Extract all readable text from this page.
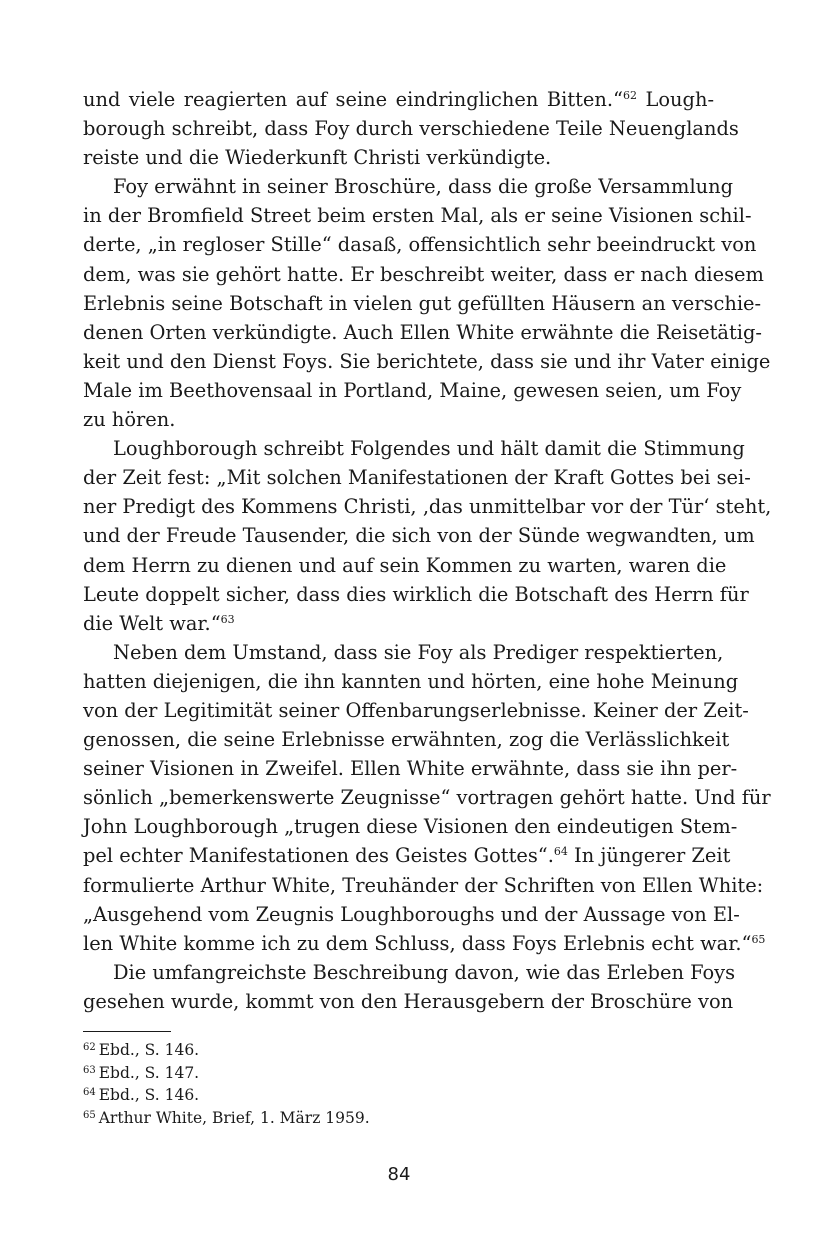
und viele reagierten auf seine eindringlichen Bitten.“$^{62}$ Lough-
borough schreibt, dass Foy durch verschiedene Teile Neuenglands
reiste und die Wiederkunft Christi verkündigte.
Foy erwähnt in seiner Broschüre, dass die große Versammlung
in der Bromfield Street beim ersten Mal, als er seine Visionen schil-
derte, „in regloser Stille“ dasaß, offensichtlich sehr beeindruckt von
dem, was sie gehört hatte. Er beschreibt weiter, dass er nach diesem
Erlebnis seine Botschaft in vielen gut gefüllten Häusern an verschie-
denen Orten verkündigte. Auch Ellen White erwähnte die Reisetätig-
keit und den Dienst Foys. Sie berichtete, dass sie und ihr Vater einige
Male im Beethovensaal in Portland, Maine, gewesen seien, um Foy
zu hören.
Loughborough schreibt Folgendes und hält damit die Stimmung
der Zeit fest: „Mit solchen Manifestationen der Kraft Gottes bei sei-
ner Predigt des Kommens Christi, ‚das unmittelbar vor der Tür‘ steht,
und der Freude Tausender, die sich von der Sünde wegwandten, um
dem Herrn zu dienen und auf sein Kommen zu warten, waren die
Leute doppelt sicher, dass dies wirklich die Botschaft des Herrn für
die Welt war.“$^{63}$
Neben dem Umstand, dass sie Foy als Prediger respektierten,
hatten diejenigen, die ihn kannten und hörten, eine hohe Meinung
von der Legitimität seiner Offenbarungserlebnisse. Keiner der Zeit-
genossen, die seine Erlebnisse erwähnten, zog die Verlässlichkeit
seiner Visionen in Zweifel. Ellen White erwähnte, dass sie ihn per-
sönlich „bemerkenswerte Zeugnisse“ vortragen gehört hatte. Und für
John Loughborough „trugen diese Visionen den eindeutigen Stem-
pel echter Manifestationen des Geistes Gottes“.$^{64}$ In jüngerer Zeit
formulierte Arthur White, Treuhänder der Schriften von Ellen White:
„Ausgehend vom Zeugnis Loughboroughs und der Aussage von El-
len White komme ich zu dem Schluss, dass Foys Erlebnis echt war.“$^{65}$
Die umfangreichste Beschreibung davon, wie das Erleben Foys
gesehen wurde, kommt von den Herausgebern der Broschüre von
$^{62}$ Ebd., S. 146.
$^{63}$ Ebd., S. 147.
$^{64}$ Ebd., S. 146.
$^{65}$ Arthur White, Brief, 1. März 1959.
84
